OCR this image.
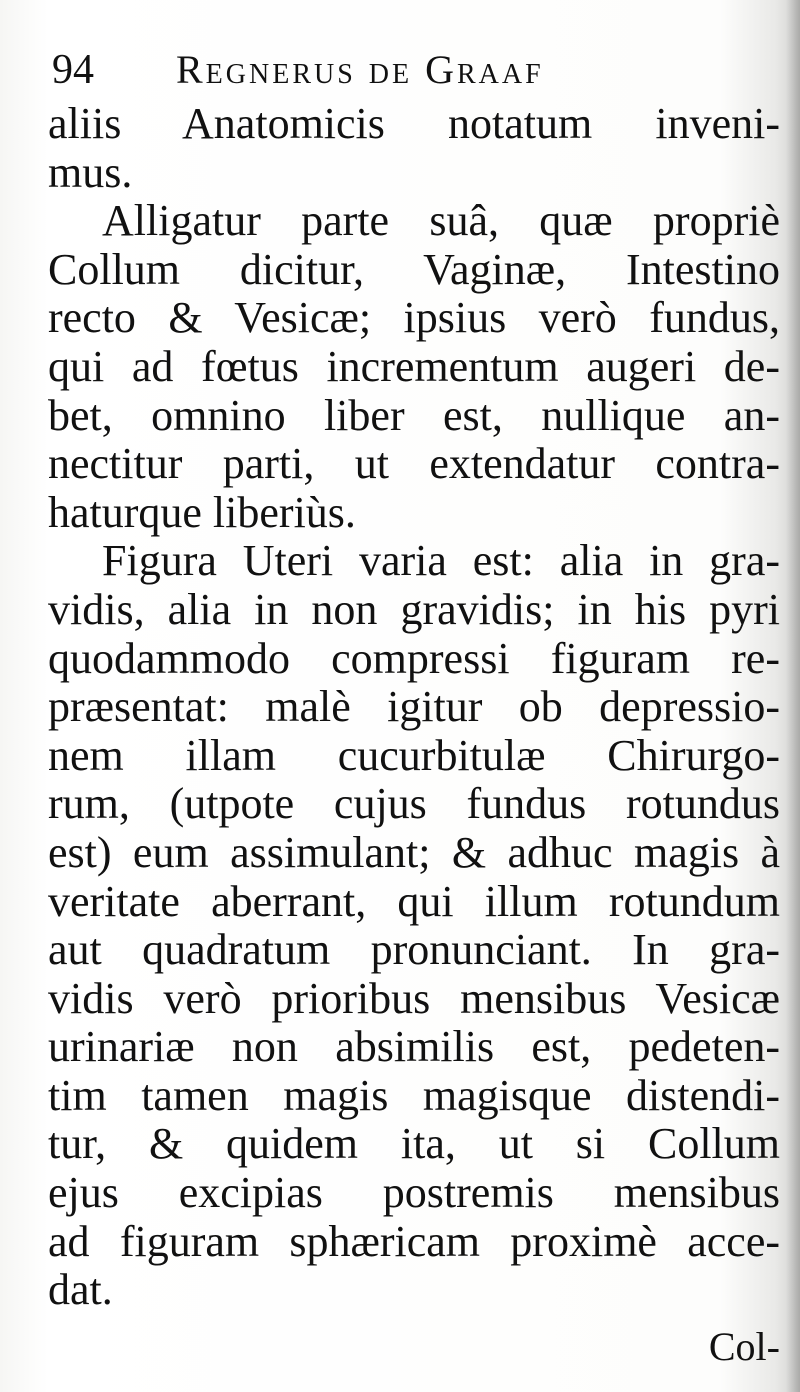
94 Regnerus de Graaf
aliis Anatomicis notatum inveni-
mus.
Alligatur parte suâ, quæ propriè
Collum dicitur, Vaginæ, Intestino
recto & Vesicæ; ipsius verò fundus,
qui ad fœtus incrementum augeri de-
bet, omnino liber est, nullique an-
nectitur parti, ut extendatur contra-
haturque liberiùs.
Figura Uteri varia est: alia in gra-
vidis, alia in non gravidis; in his pyri
quodammodo compressi figuram re-
præsentat: malè igitur ob depressio-
nem illam cucurbitulæ Chirurgo-
rum, (utpote cujus fundus rotundus
est) eum assimulant; & adhuc magis à
veritate aberrant, qui illum rotundum
aut quadratum pronunciant. In gra-
vidis verò prioribus mensibus Vesicæ
urinariæ non absimilis est, pedeten-
tim tamen magis magisque distendi-
tur, & quidem ita, ut si Collum
ejus excipias postremis mensibus
ad figuram sphæricam proximè acce-
dat.
Col-
